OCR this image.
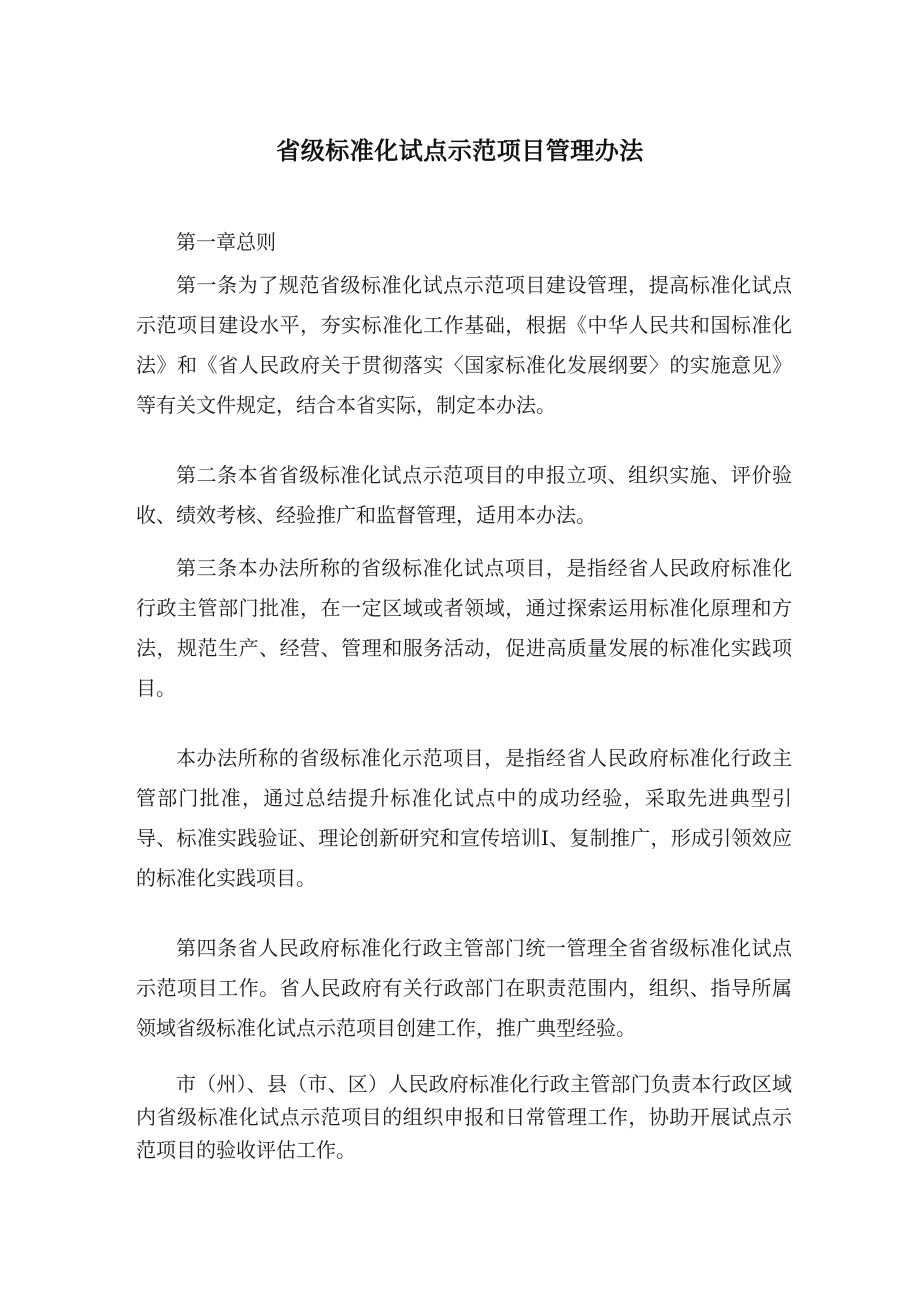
省级标准化试点示范项目管理办法

第一章总则

第一条为了规范省级标准化试点示范项目建设管理，提高标准化试点示范项目建设水平，夯实标准化工作基础，根据《中华人民共和国标准化法》和《省人民政府关于贯彻落实〈国家标准化发展纲要〉的实施意见》等有关文件规定，结合本省实际，制定本办法。

第二条本省省级标准化试点示范项目的申报立项、组织实施、评价验收、绩效考核、经验推广和监督管理，适用本办法。

第三条本办法所称的省级标准化试点项目，是指经省人民政府标准化行政主管部门批准，在一定区域或者领域，通过探索运用标准化原理和方法，规范生产、经营、管理和服务活动，促进高质量发展的标准化实践项目。

本办法所称的省级标准化示范项目，是指经省人民政府标准化行政主管部门批准，通过总结提升标准化试点中的成功经验，采取先进典型引导、标准实践验证、理论创新研究和宣传培训I、复制推广，形成引领效应的标准化实践项目。

第四条省人民政府标准化行政主管部门统一管理全省省级标准化试点示范项目工作。省人民政府有关行政部门在职责范围内，组织、指导所属领域省级标准化试点示范项目创建工作，推广典型经验。

市（州）、县（市、区）人民政府标准化行政主管部门负责本行政区域内省级标准化试点示范项目的组织申报和日常管理工作，协助开展试点示范项目的验收评估工作。
